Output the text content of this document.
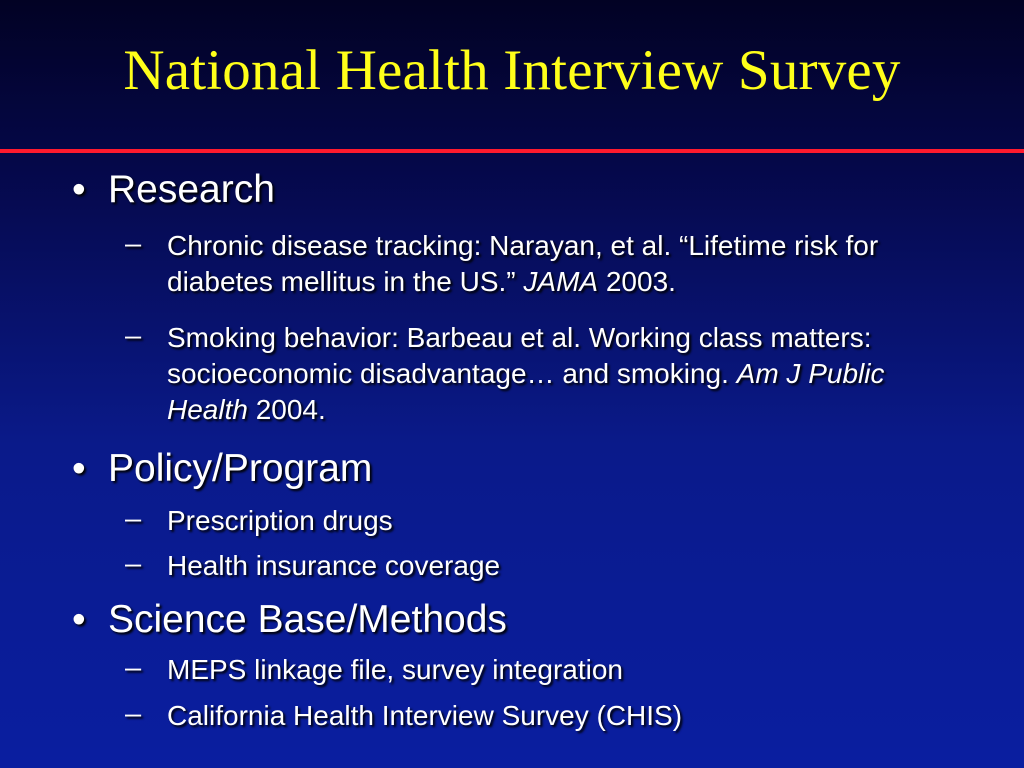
National Health Interview Survey
• Research
– Chronic disease tracking: Narayan, et al. “Lifetime risk for diabetes mellitus in the US.” JAMA 2003.
– Smoking behavior: Barbeau et al. Working class matters: socioeconomic disadvantage… and smoking. Am J Public Health 2004.
• Policy/Program
– Prescription drugs
– Health insurance coverage
• Science Base/Methods
– MEPS linkage file, survey integration
– California Health Interview Survey (CHIS)
